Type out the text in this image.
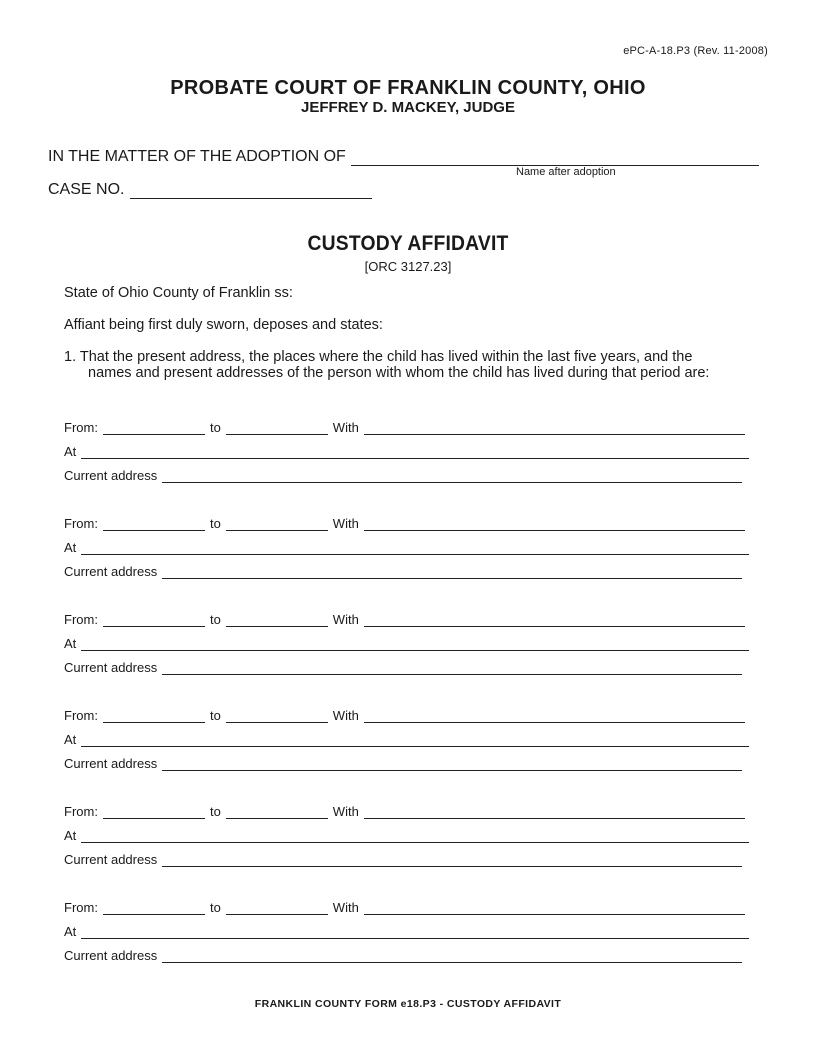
ePC-A-18.P3 (Rev. 11-2008)
PROBATE COURT OF FRANKLIN COUNTY, OHIO
JEFFREY D. MACKEY, JUDGE
IN THE MATTER OF THE ADOPTION OF
Name after adoption
CASE NO.
CUSTODY AFFIDAVIT
[ORC 3127.23]
State of Ohio County of Franklin ss:
Affiant being first duly sworn, deposes and states:
1. That the present address, the places where the child has lived within the last five years, and the
names and present addresses of the person with whom the child has lived during that period are:
From:	to	With
At
Current address
From:	to	With
At
Current address
From:	to	With
At
Current address
From:	to	With
At
Current address
From:	to	With
At
Current address
From:	to	With
At
Current address
FRANKLIN COUNTY FORM e18.P3 - CUSTODY AFFIDAVIT
